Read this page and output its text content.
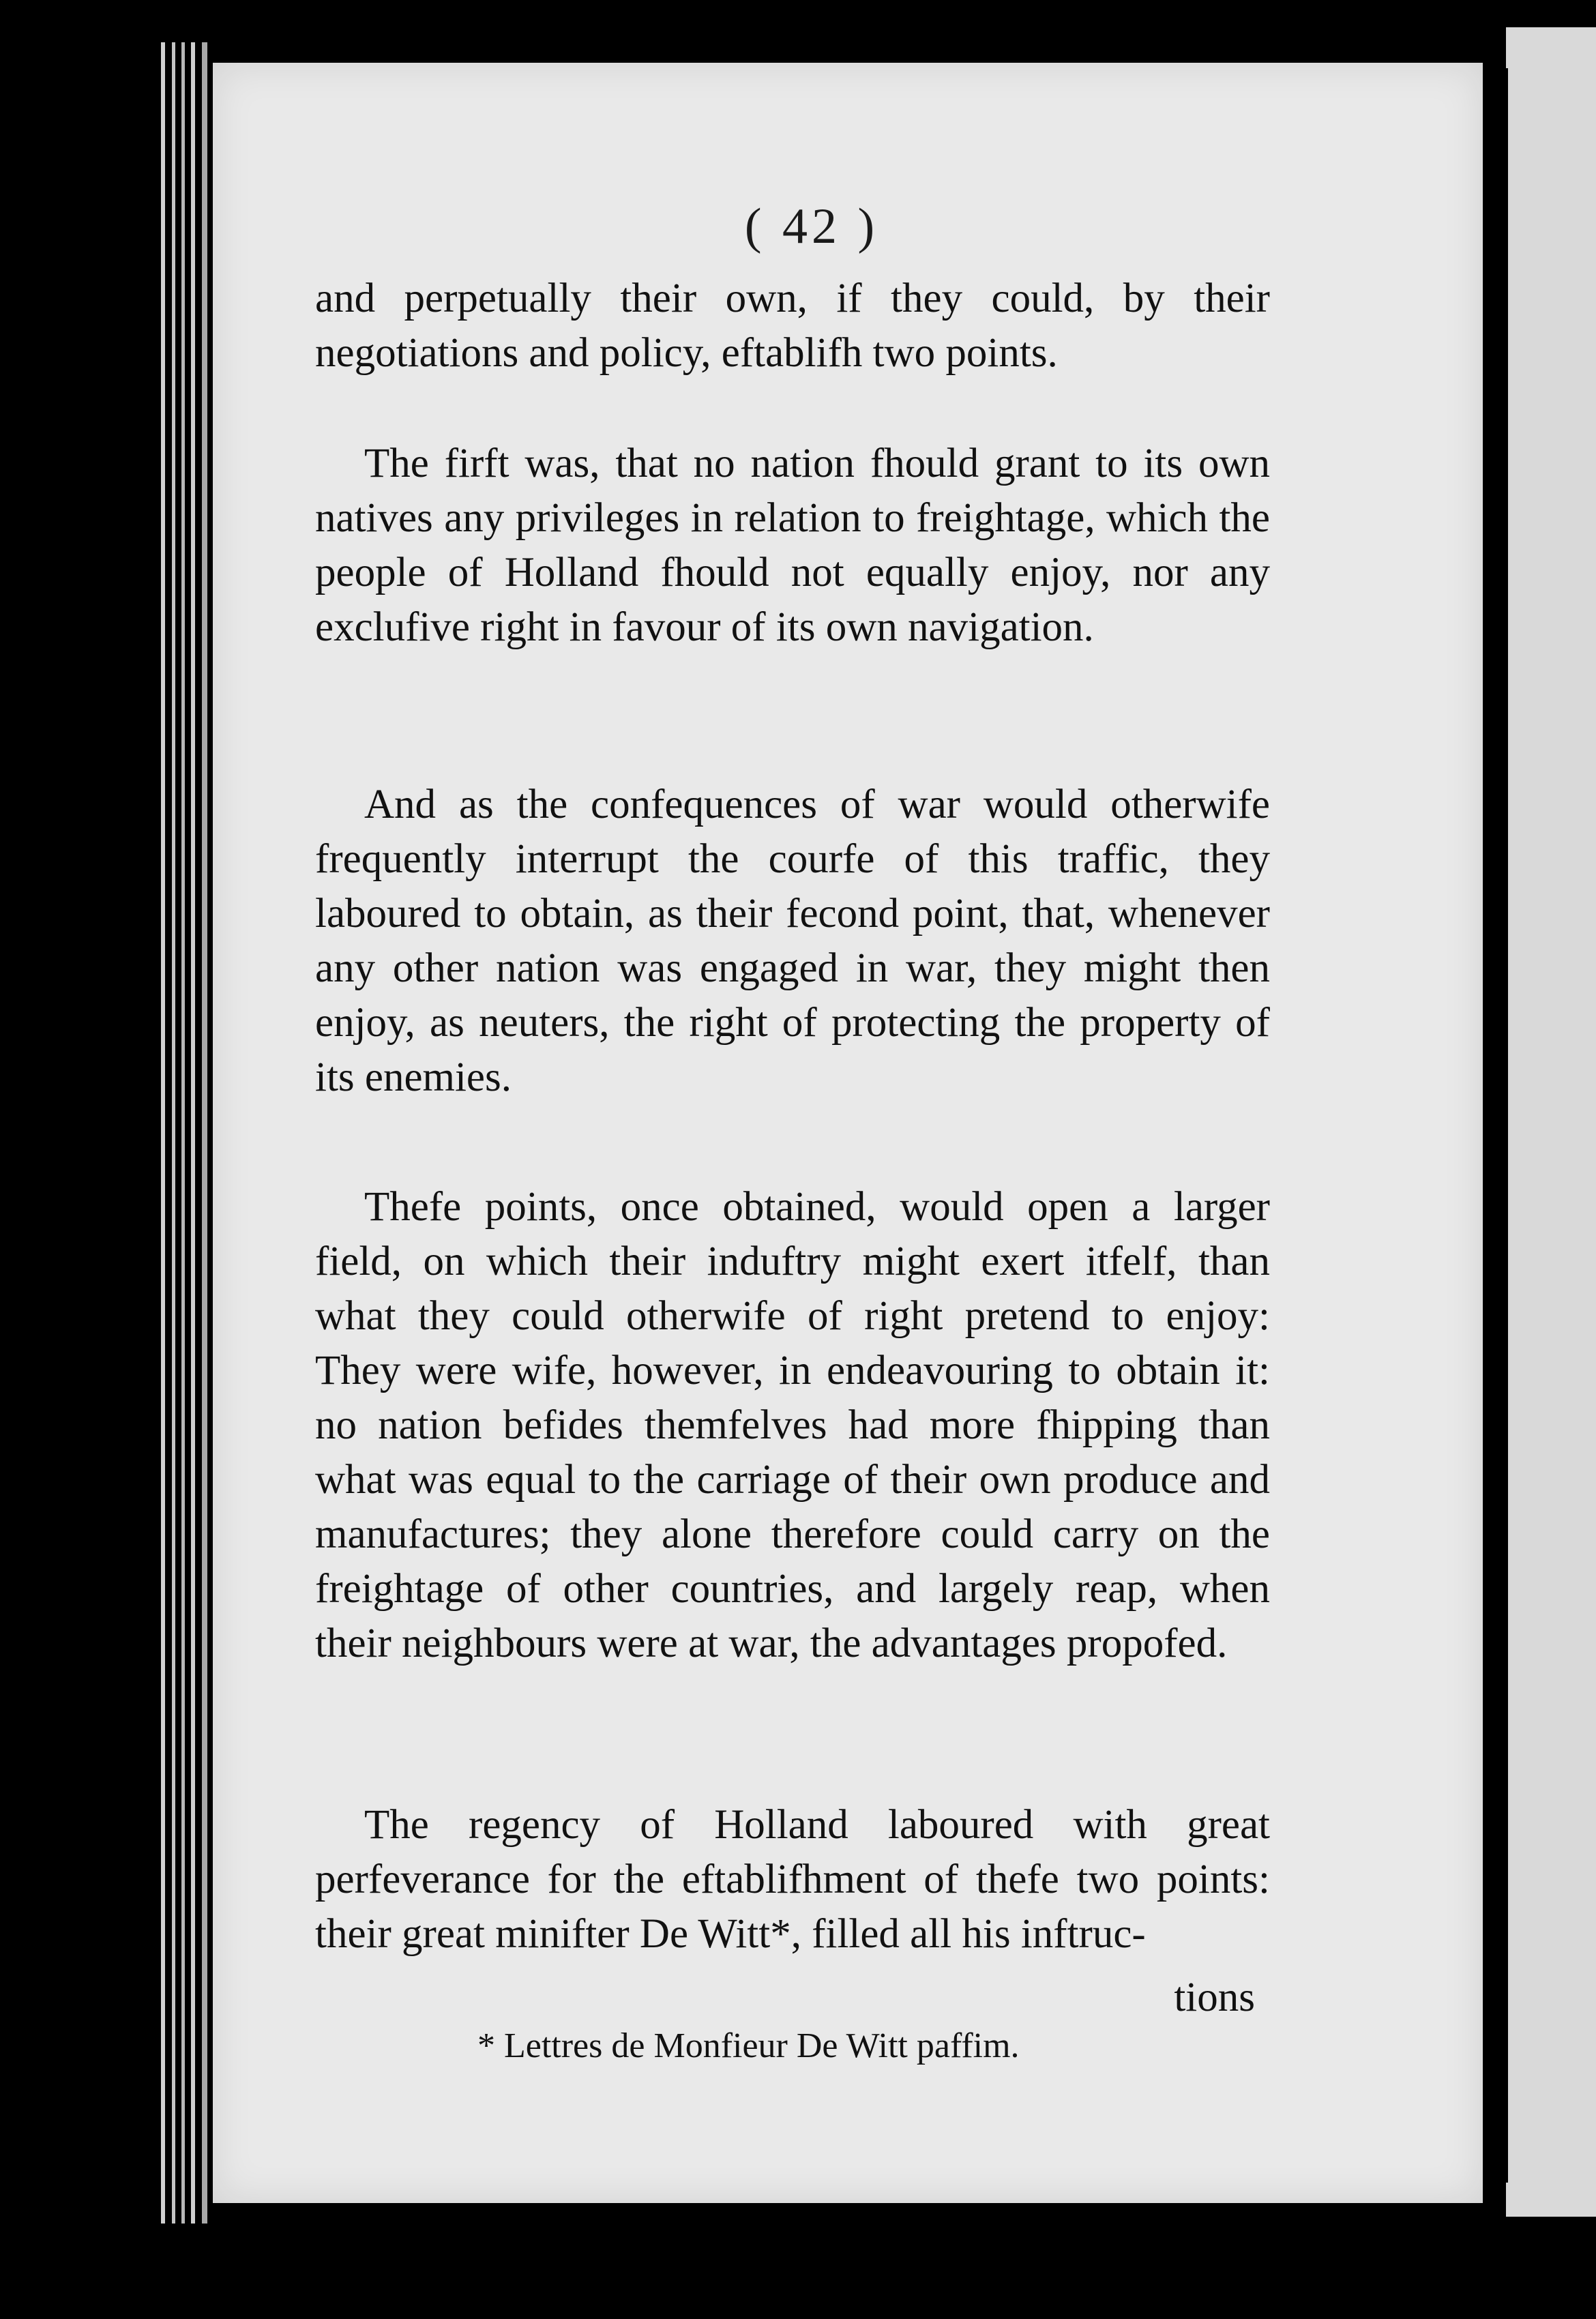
( 42 )

and perpetually their own, if they could, by their negotiations and policy, eftablifh two points.

The firft was, that no nation fhould grant to its own natives any privileges in relation to freightage, which the people of Holland fhould not equally enjoy, nor any exclufive right in favour of its own navigation.

And as the confequences of war would otherwife frequently interrupt the courfe of this traffic, they laboured to obtain, as their fecond point, that, whenever any other nation was engaged in war, they might then enjoy, as neuters, the right of protecting the property of its enemies.

Thefe points, once obtained, would open a larger field, on which their induftry might exert itfelf, than what they could otherwife of right pretend to enjoy: They were wife, however, in endeavouring to obtain it: no nation befides themfelves had more fhipping than what was equal to the carriage of their own produce and manufactures; they alone therefore could carry on the freightage of other countries, and largely reap, when their neighbours were at war, the advantages propofed.

The regency of Holland laboured with great perfeverance for the eftablifhment of thefe two points: their great minifter De Witt*, filled all his inftruc-

tions
* Lettres de Monfieur De Witt paffim.
